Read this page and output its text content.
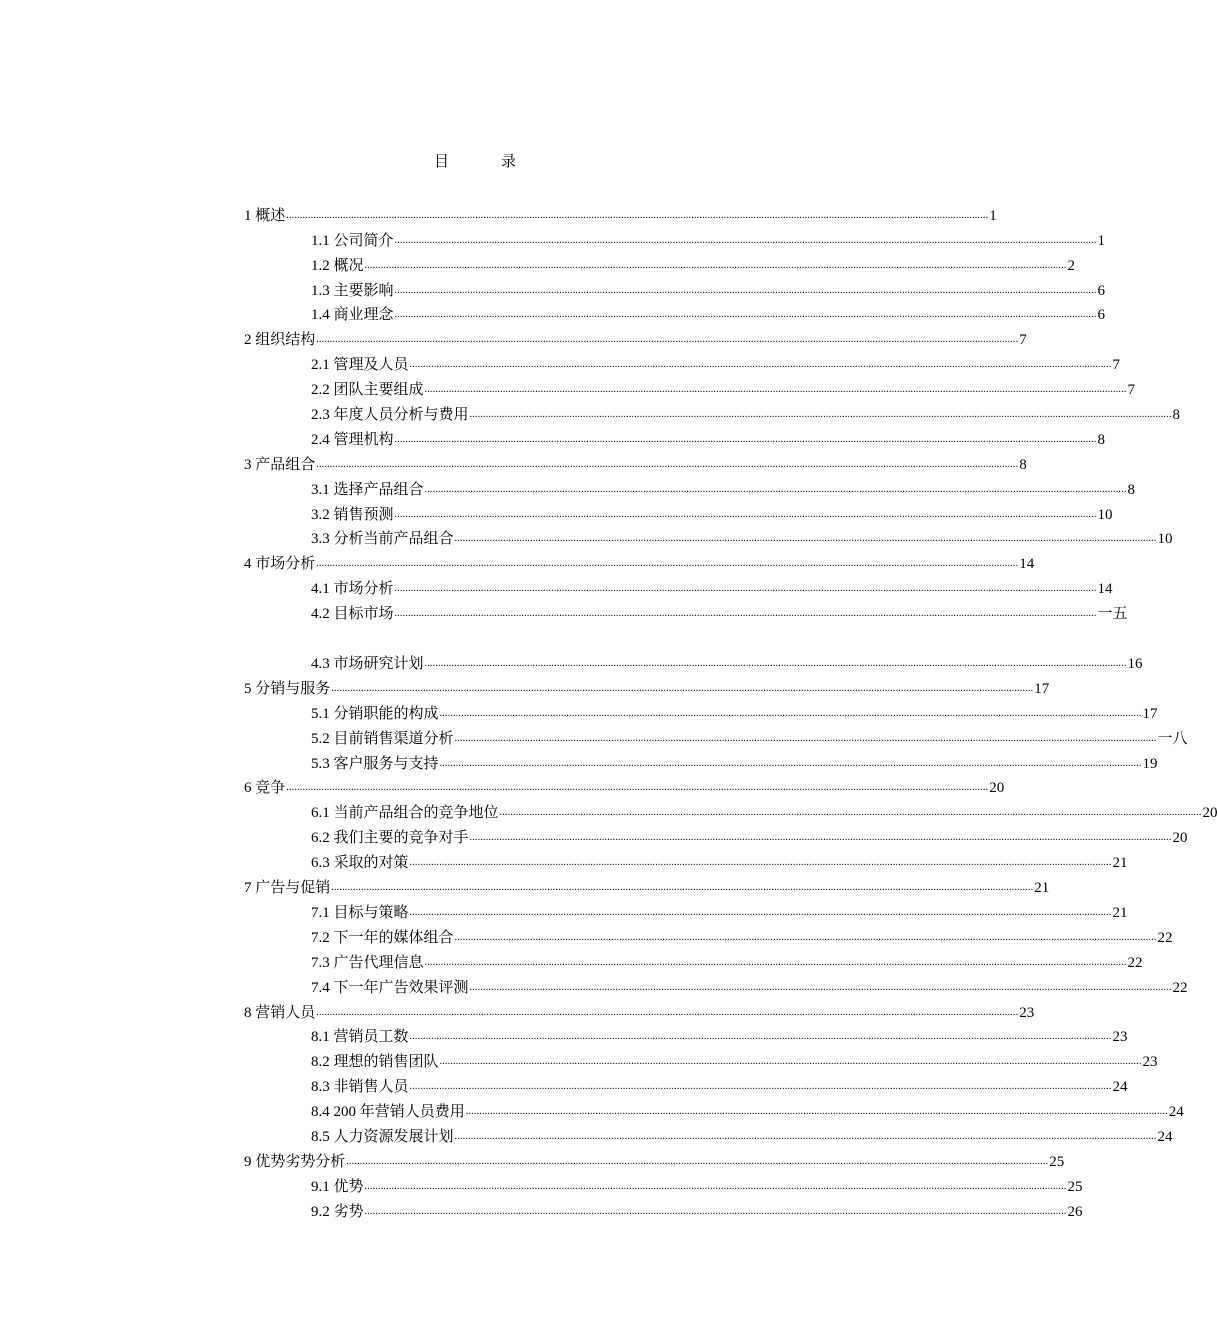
目	录
1 概述 .................................................................................................................................................................................................................................................................... 1
1.1 公司简介 .................................................................................................................................................................................................................................................................... 1
1.2 概况 .................................................................................................................................................................................................................................................................... 2
1.3 主要影响 .................................................................................................................................................................................................................................................................... 6
1.4 商业理念 .................................................................................................................................................................................................................................................................... 6
2 组织结构 .................................................................................................................................................................................................................................................................... 7
2.1 管理及人员 .................................................................................................................................................................................................................................................................... 7
2.2 团队主要组成 .................................................................................................................................................................................................................................................................... 7
2.3 年度人员分析与费用 .................................................................................................................................................................................................................................................................... 8
2.4 管理机构 .................................................................................................................................................................................................................................................................... 8
3 产品组合 .................................................................................................................................................................................................................................................................... 8
3.1 选择产品组合 .................................................................................................................................................................................................................................................................... 8
3.2 销售预测 .................................................................................................................................................................................................................................................................... 10
3.3 分析当前产品组合 .................................................................................................................................................................................................................................................................... 10
4 市场分析 .................................................................................................................................................................................................................................................................... 14
4.1 市场分析 .................................................................................................................................................................................................................................................................... 14
4.2 目标市场 .................................................................................................................................................................................................................................................................... 一五
4.3 市场研究计划 .................................................................................................................................................................................................................................................................... 16
5 分销与服务 .................................................................................................................................................................................................................................................................... 17
5.1 分销职能的构成 .................................................................................................................................................................................................................................................................... 17
5.2 目前销售渠道分析 .................................................................................................................................................................................................................................................................... 一八
5.3 客户服务与支持 .................................................................................................................................................................................................................................................................... 19
6 竞争 .................................................................................................................................................................................................................................................................... 20
6.1 当前产品组合的竞争地位 .................................................................................................................................................................................................................................................................... 20
6.2 我们主要的竞争对手 .................................................................................................................................................................................................................................................................... 20
6.3 采取的对策 .................................................................................................................................................................................................................................................................... 21
7 广告与促销 .................................................................................................................................................................................................................................................................... 21
7.1 目标与策略 .................................................................................................................................................................................................................................................................... 21
7.2 下一年的媒体组合 .................................................................................................................................................................................................................................................................... 22
7.3 广告代理信息 .................................................................................................................................................................................................................................................................... 22
7.4 下一年广告效果评测 .................................................................................................................................................................................................................................................................... 22
8 营销人员 .................................................................................................................................................................................................................................................................... 23
8.1 营销员工数 .................................................................................................................................................................................................................................................................... 23
8.2 理想的销售团队 .................................................................................................................................................................................................................................................................... 23
8.3 非销售人员 .................................................................................................................................................................................................................................................................... 24
8.4 200 年营销人员费用 .................................................................................................................................................................................................................................................................... 24
8.5 人力资源发展计划 .................................................................................................................................................................................................................................................................... 24
9 优势劣势分析 .................................................................................................................................................................................................................................................................... 25
9.1 优势 .................................................................................................................................................................................................................................................................... 25
9.2 劣势 .................................................................................................................................................................................................................................................................... 26
